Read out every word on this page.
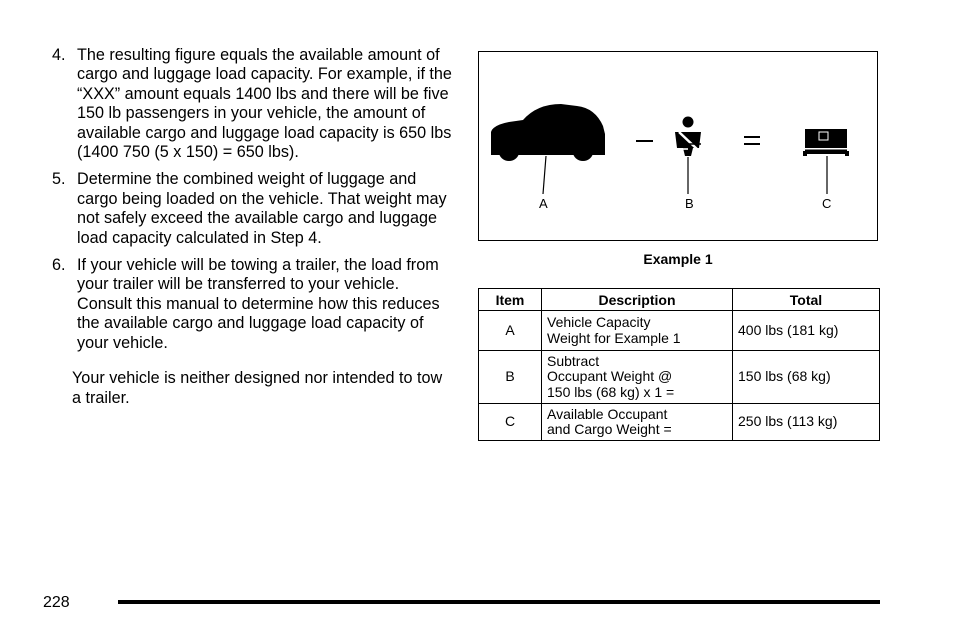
4. The resulting figure equals the available amount of cargo and luggage load capacity. For example, if the “XXX” amount equals 1400 lbs and there will be five 150 lb passengers in your vehicle, the amount of available cargo and luggage load capacity is 650 lbs (1400 750 (5 x 150) = 650 lbs).
5. Determine the combined weight of luggage and cargo being loaded on the vehicle. That weight may not safely exceed the available cargo and luggage load capacity calculated in Step 4.
6. If your vehicle will be towing a trailer, the load from your trailer will be transferred to your vehicle. Consult this manual to determine how this reduces the available cargo and luggage load capacity of your vehicle.

Your vehicle is neither designed nor intended to tow a trailer.

A	B	C
Example 1
Item	Description	Total
A	Vehicle Capacity
Weight for Example 1	400 lbs (181 kg)
B	Subtract
Occupant Weight @
150 lbs (68 kg) x 1 =	150 lbs (68 kg)
C	Available Occupant
and Cargo Weight =	250 lbs (113 kg)
228
